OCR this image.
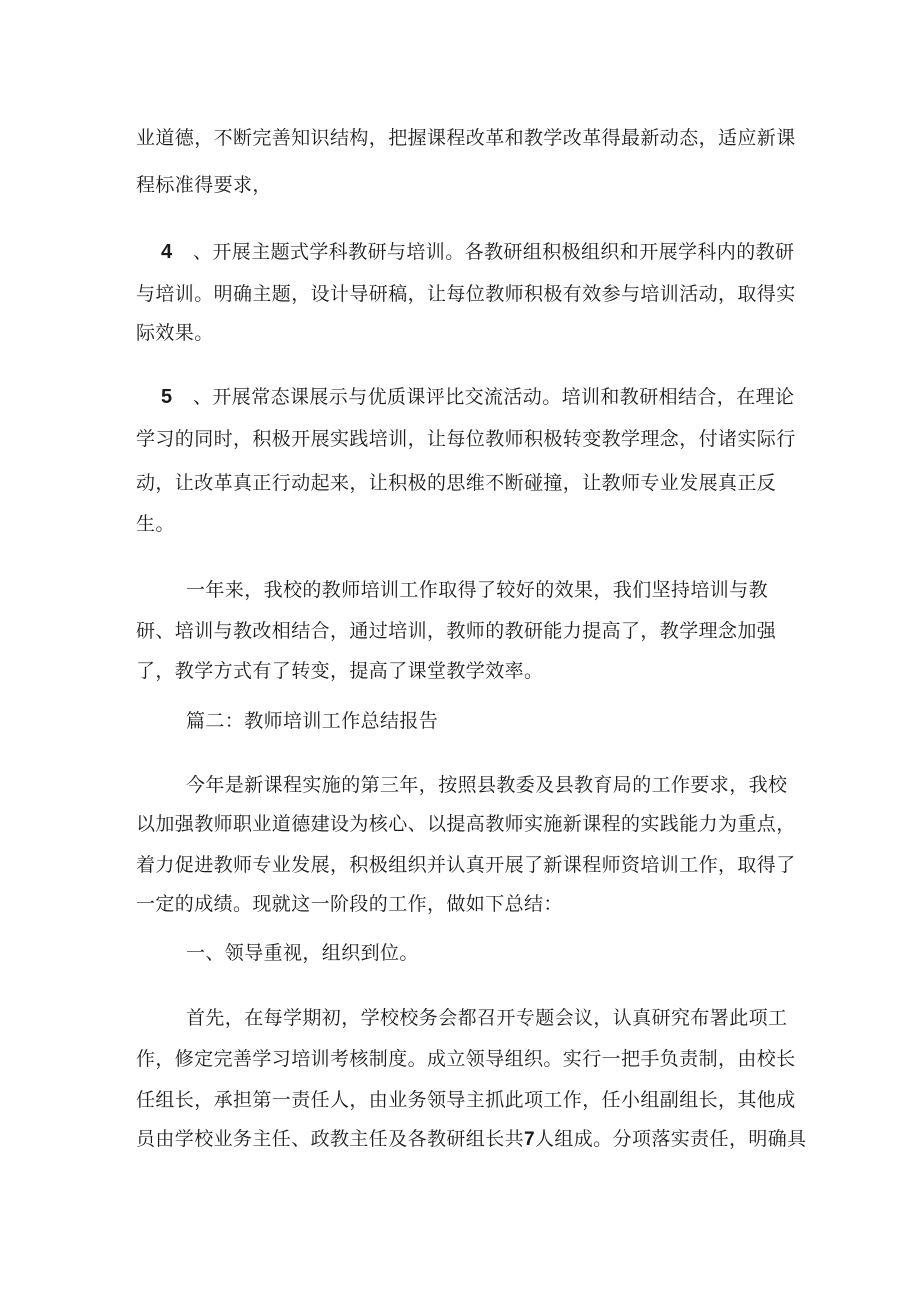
业道德，不断完善知识结构，把握课程改革和教学改革得最新动态，适应新课
程标准得要求，
4 、开展主题式学科教研与培训。各教研组积极组织和开展学科内的教研
与培训。明确主题，设计导研稿，让每位教师积极有效参与培训活动，取得实
际效果。
5 、开展常态课展示与优质课评比交流活动。培训和教研相结合，在理论
学习的同时，积极开展实践培训，让每位教师积极转变教学理念，付诸实际行
动，让改革真正行动起来，让积极的思维不断碰撞，让教师专业发展真正反
生。
一年来，我校的教师培训工作取得了较好的效果，我们坚持培训与教
研、培训与教改相结合，通过培训，教师的教研能力提高了，教学理念加强
了，教学方式有了转变，提高了课堂教学效率。
篇二：教师培训工作总结报告
今年是新课程实施的第三年，按照县教委及县教育局的工作要求，我校
以加强教师职业道德建设为核心、以提高教师实施新课程的实践能力为重点，
着力促进教师专业发展，积极组织并认真开展了新课程师资培训工作，取得了
一定的成绩。现就这一阶段的工作，做如下总结：
一、领导重视，组织到位。
首先，在每学期初，学校校务会都召开专题会议，认真研究布署此项工
作，修定完善学习培训考核制度。成立领导组织。实行一把手负责制，由校长
任组长，承担第一责任人，由业务领导主抓此项工作，任小组副组长，其他成
员由学校业务主任、政教主任及各教研组长共7人组成。分项落实责任，明确具
